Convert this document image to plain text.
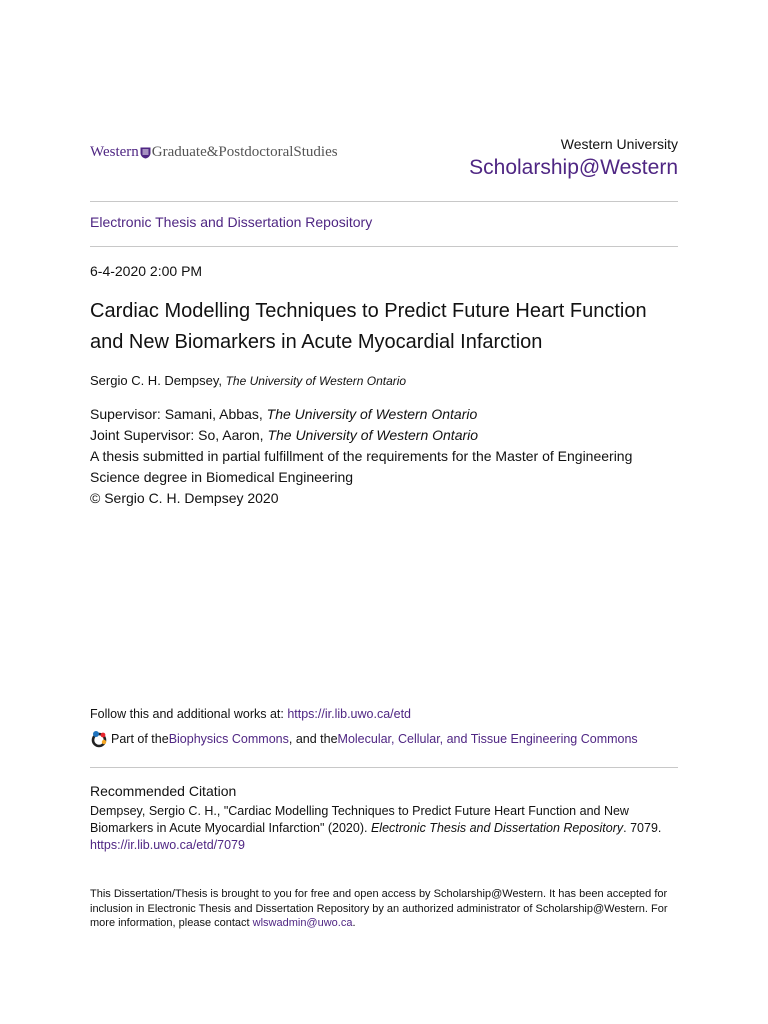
Western Graduate&PostdoctoralStudies	Western University
Scholarship@Western
Electronic Thesis and Dissertation Repository
6-4-2020 2:00 PM
Cardiac Modelling Techniques to Predict Future Heart Function and New Biomarkers in Acute Myocardial Infarction
Sergio C. H. Dempsey, The University of Western Ontario
Supervisor: Samani, Abbas, The University of Western Ontario
Joint Supervisor: So, Aaron, The University of Western Ontario
A thesis submitted in partial fulfillment of the requirements for the Master of Engineering Science degree in Biomedical Engineering
© Sergio C. H. Dempsey 2020
Follow this and additional works at: https://ir.lib.uwo.ca/etd
Part of the Biophysics Commons , and the Molecular, Cellular, and Tissue Engineering Commons
Recommended Citation
Dempsey, Sergio C. H., "Cardiac Modelling Techniques to Predict Future Heart Function and New Biomarkers in Acute Myocardial Infarction" (2020). Electronic Thesis and Dissertation Repository. 7079.
https://ir.lib.uwo.ca/etd/7079
This Dissertation/Thesis is brought to you for free and open access by Scholarship@Western. It has been accepted for inclusion in Electronic Thesis and Dissertation Repository by an authorized administrator of Scholarship@Western. For more information, please contact wlswadmin@uwo.ca.
